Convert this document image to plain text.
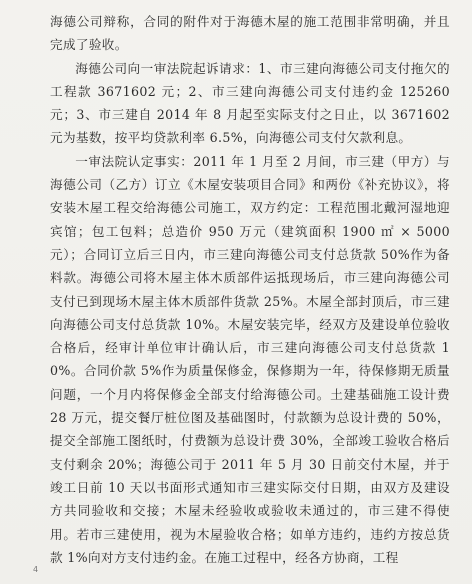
海德公司辩称，合同的附件对于海德木屋的施工范围非常明确，并且完成了验收。

海德公司向一审法院起诉请求：1、市三建向海德公司支付拖欠的工程款 3671602 元；2、市三建向海德公司支付违约金 125260 元；3、市三建自 2014 年 8 月起至实际支付之日止，以 3671602 元为基数，按平均贷款利率 6.5%，向海德公司支付欠款利息。

一审法院认定事实：2011 年 1 月至 2 月间，市三建（甲方）与海德公司（乙方）订立《木屋安装项目合同》和两份《补充协议》，将安装木屋工程交给海德公司施工，双方约定：工程范围北戴河湿地迎宾馆；包工包料；总造价 950 万元（建筑面积 1900 ㎡ × 5000 元）；合同订立后三日内，市三建向海德公司支付总货款 50%作为备料款。海德公司将木屋主体木质部件运抵现场后，市三建向海德公司支付已到现场木屋主体木质部件货款 25%。木屋全部封顶后，市三建向海德公司支付总货款 10%。木屋安装完毕，经双方及建设单位验收合格后，经审计单位审计确认后，市三建向海德公司支付总货款 10%。合同价款 5%作为质量保修金，保修期为一年，待保修期无质量问题，一个月内将保修金全部支付给海德公司。土建基础施工设计费 28 万元，提交餐厅桩位图及基础图时，付款额为总设计费的 50%，提交全部施工图纸时，付费额为总设计费 30%，全部竣工验收合格后支付剩余 20%；海德公司于 2011 年 5 月 30 日前交付木屋，并于竣工日前 10 天以书面形式通知市三建实际交付日期，由双方及建设方共同验收和交接；木屋未经验收或验收未通过的，市三建不得使用。若市三建使用，视为木屋验收合格；如单方违约，违约方按总货款 1%向对方支付违约金。在施工过程中，经各方协商，工程

4
